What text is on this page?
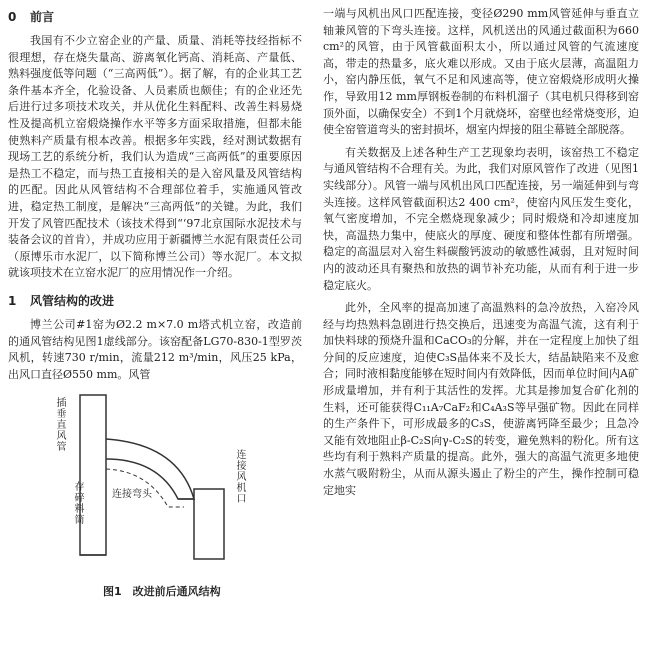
0 前言

我国有不少立窑企业的产量、质量、消耗等技经指标不很理想，存在烧失量高、游离氧化钙高、消耗高、产量低、熟料强度低等问题（“三高两低”）。据了解，有的企业其工艺条件基本齐全，化验设备、人员素质也颇佳；有的企业还先后进行过多项技术攻关，并从优化生料配料、改善生料易烧性及提高机立窑煅烧操作水平等多方面采取措施，但都未能使熟料产质量有根本改善。根据多年实践，经对测试数据有现场工艺的系统分析，我们认为造成“三高两低”的重要原因是热工不稳定，而与热工直接相关的是入窑风量及风管结构的匹配。因此从风管结构不合理部位着手，实施通风管改进，稳定热工制度，是解决“三高两低”的关键。为此，我们开发了风管匹配技术（该技术得到“‘97北京国际水泥技术与装备会议的首肯），并成功应用于新疆博兰水泥有限责任公司（原博乐市水泥厂，以下简称博兰公司）等水泥厂。本文拟就该项技术在立窑水泥厂的应用情况作一介绍。

1 风管结构的改进

博兰公司#1窑为Ø2.2 m×7.0 m塔式机立窑，改造前的通风管结构见图1虚线部分。该窑配备LG70-830-1型罗茨风机，转速730 r/min，流量212 m³/min，风压25 kPa，出风口直径Ø550 mm。风管

插垂直风管
存碎料筒	连接弯头	连接风机口
图1　改进前后通风结构

一端与风机出风口匹配连接，变径Ø290 mm风管延伸与垂直立轴兼风管的下弯头连接。这样，风机送出的风通过截面积为660 cm²的风管，由于风管截面积太小，所以通过风管的气流速度高，带走的热量多，底火难以形成。又由于底火层薄，高温阻力小，窑内静压低，氧气不足和风速高等，使立窑煅烧形成明火操作，导致用12 mm厚钢板卷制的布料机溜子（其电机只得移到窑顶外面，以确保安全）不到1个月就烧坏，窑壁也经常烧变形，迫使全窑管道弯头的密封损坏，烟室内焊接的阻尘幕链全部脱落。

有关数据及上述各种生产工艺现象均表明，该窑热工不稳定与通风管结构不合理有关。为此，我们对原风管作了改进（见图1实线部分）。风管一端与风机出风口匹配连接，另一端延伸到与弯头连接。这样风管截面积达2 400 cm²，使窑内风压发生变化，氧气密度增加，不完全燃烧现象减少；同时煅烧和冷却速度加快，高温热力集中，使底火的厚度、硬度和整体性都有所增强。稳定的高温层对入窑生料碳酸钙波动的敏感性减弱，且对短时间内的波动还具有聚热和放热的调节补充功能，从而有利于进一步稳定底火。

此外，全风率的提高加速了高温熟料的急冷放热，入窑冷风经与均热熟料急剧进行热交换后，迅速变为高温气流，这有利于加快料球的预烧升温和CaCO₃的分解，并在一定程度上加快了组分间的反应速度，迫使C₃S晶体来不及长大，结晶缺陷来不及愈合；同时液相黏度能够在短时间内有效降低，因而单位时间内A矿形成量增加，并有利于其活性的发挥。尤其是掺加复合矿化剂的生料，还可能获得C₁₁A₇CaF₂和C₄A₃S等早强矿物。因此在同样的生产条件下，可形成最多的C₃S，使游离钙降至最少；且急冷又能有效地阻止β-C₂S向γ-C₂S的转变，避免熟料的粉化。所有这些均有利于熟料产质量的提高。此外，强大的高温气流更多地使水蒸气吸附粉尘，从而从源头遏止了粉尘的产生，操作控制可稳定地实
